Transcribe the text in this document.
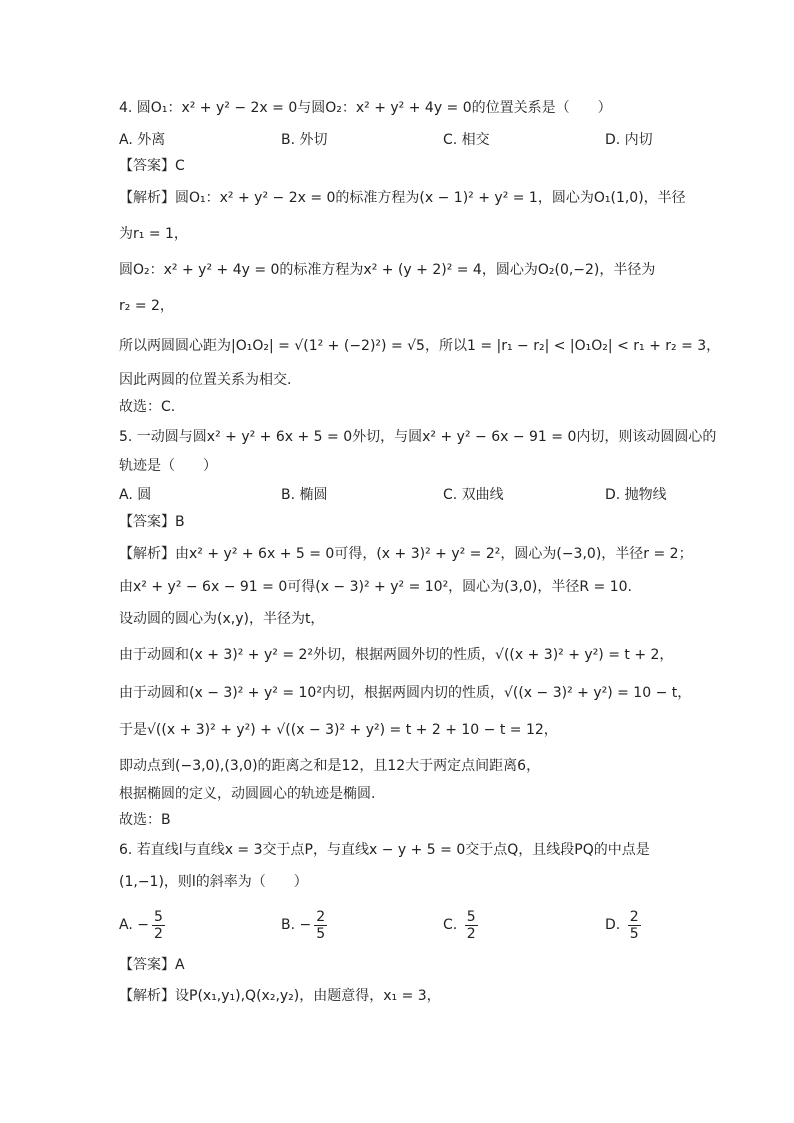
4. 圆O₁：x² + y² − 2x = 0与圆O₂：x² + y² + 4y = 0的位置关系是（　　）
A. 外离	B. 外切	C. 相交	D. 内切
【答案】C
【解析】圆O₁：x² + y² − 2x = 0的标准方程为(x − 1)² + y² = 1，圆心为O₁(1,0)，半径
为r₁ = 1，
圆O₂：x² + y² + 4y = 0的标准方程为x² + (y + 2)² = 4，圆心为O₂(0,−2)，半径为
r₂ = 2，
所以两圆圆心距为|O₁O₂| = √(1² + (−2)²) = √5，所以1 = |r₁ − r₂| < |O₁O₂| < r₁ + r₂ = 3，
因此两圆的位置关系为相交.
故选：C.
5. 一动圆与圆x² + y² + 6x + 5 = 0外切，与圆x² + y² − 6x − 91 = 0内切，则该动圆圆心的
轨迹是（　　）
A. 圆	B. 椭圆	C. 双曲线	D. 抛物线
【答案】B
【解析】由x² + y² + 6x + 5 = 0可得，(x + 3)² + y² = 2²，圆心为(−3,0)，半径r = 2；
由x² + y² − 6x − 91 = 0可得(x − 3)² + y² = 10²，圆心为(3,0)，半径R = 10.
设动圆的圆心为(x,y)，半径为t，
由于动圆和(x + 3)² + y² = 2²外切，根据两圆外切的性质，√((x + 3)² + y²) = t + 2，
由于动圆和(x − 3)² + y² = 10²内切，根据两圆内切的性质，√((x − 3)² + y²) = 10 − t，
于是√((x + 3)² + y²) + √((x − 3)² + y²) = t + 2 + 10 − t = 12，
即动点到(−3,0),(3,0)的距离之和是12，且12大于两定点间距离6，
根据椭圆的定义，动圆圆心的轨迹是椭圆.
故选：B
6. 若直线l与直线x = 3交于点P，与直线x − y + 5 = 0交于点Q，且线段PQ的中点是
(1,−1)，则l的斜率为（　　）
A. − $\frac{5}{2}$	B. − $\frac{2}{5}$	C. $\frac{5}{2}$	D. $\frac{2}{5}$
【答案】A
【解析】设P(x₁,y₁),Q(x₂,y₂)，由题意得，x₁ = 3，
